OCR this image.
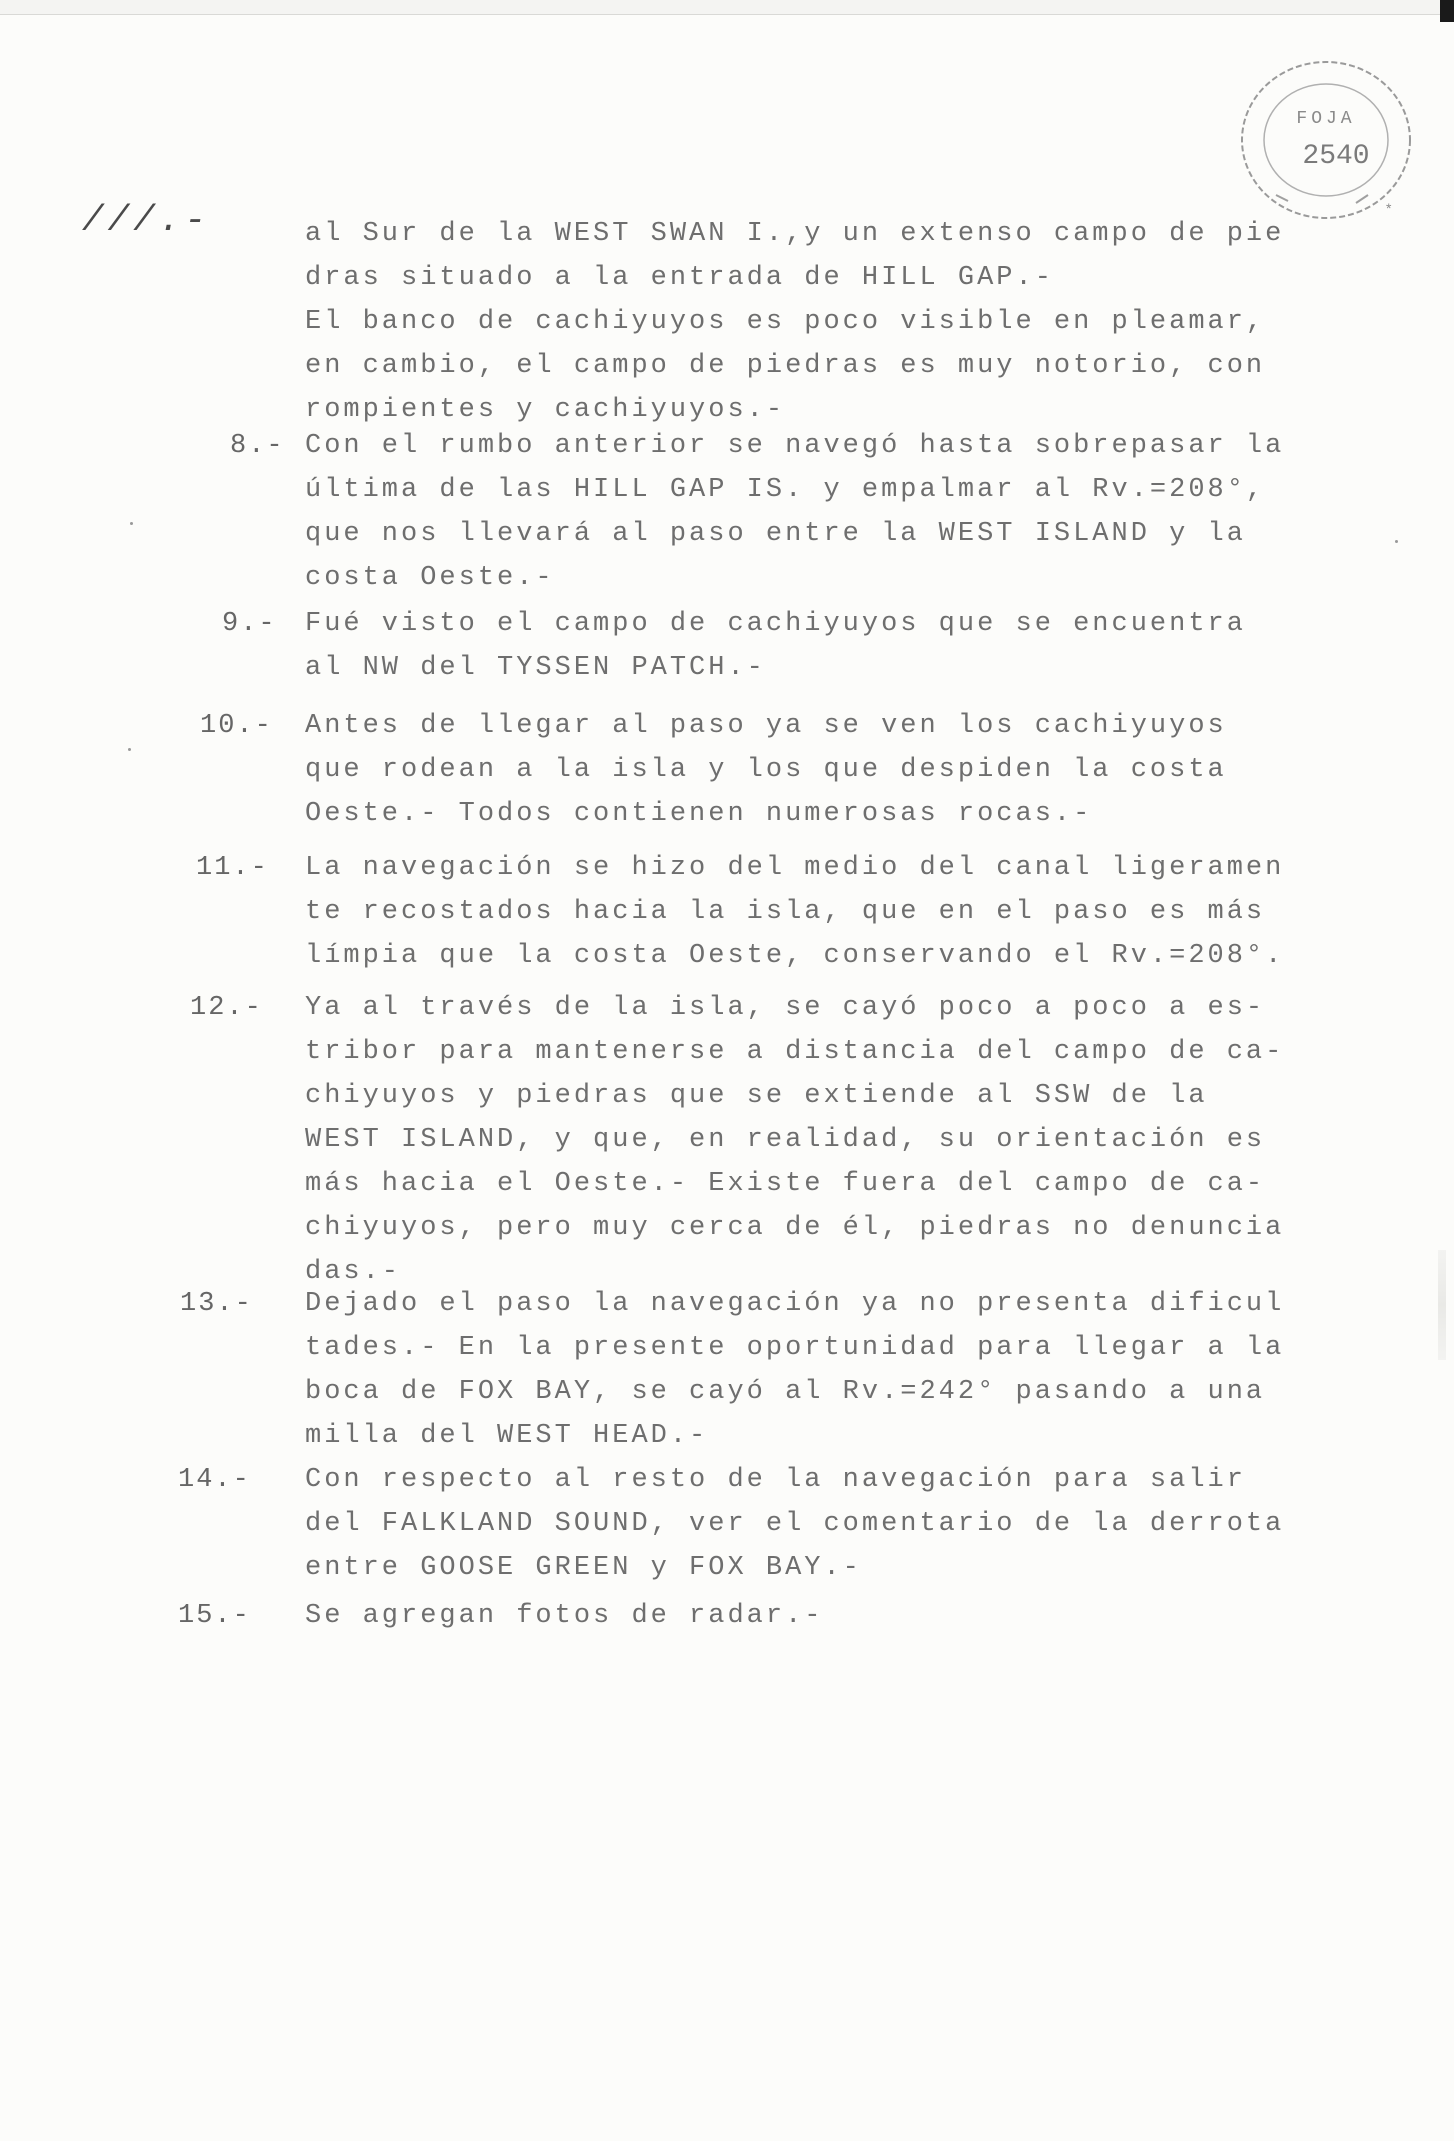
FOJA
2540
*
///.-	al Sur de la WEST SWAN I.,y un extenso campo de pie
dras situado a la entrada de HILL GAP.-
El banco de cachiyuyos es poco visible en pleamar,
en cambio, el campo de piedras es muy notorio, con
rompientes y cachiyuyos.-
8.- Con el rumbo anterior se navegó hasta sobrepasar la
última de las HILL GAP IS. y empalmar al Rv.=208°,
que nos llevará al paso entre la WEST ISLAND y la
costa Oeste.-
9.- Fué visto el campo de cachiyuyos que se encuentra
al NW del TYSSEN PATCH.-
10.- Antes de llegar al paso ya se ven los cachiyuyos
que rodean a la isla y los que despiden la costa
Oeste.- Todos contienen numerosas rocas.-
11.- La navegación se hizo del medio del canal ligeramen
te recostados hacia la isla, que en el paso es más
límpia que la costa Oeste, conservando el Rv.=208°.
12.- Ya al través de la isla, se cayó poco a poco a es-
tribor para mantenerse a distancia del campo de ca-
chiyuyos y piedras que se extiende al SSW de la
WEST ISLAND, y que, en realidad, su orientación es
más hacia el Oeste.- Existe fuera del campo de ca-
chiyuyos, pero muy cerca de él, piedras no denuncia
das.-
13.- Dejado el paso la navegación ya no presenta dificul
tades.- En la presente oportunidad para llegar a la
boca de FOX BAY, se cayó al Rv.=242° pasando a una
milla del WEST HEAD.-
14.- Con respecto al resto de la navegación para salir
del FALKLAND SOUND, ver el comentario de la derrota
entre GOOSE GREEN y FOX BAY.-
15.- Se agregan fotos de radar.-
